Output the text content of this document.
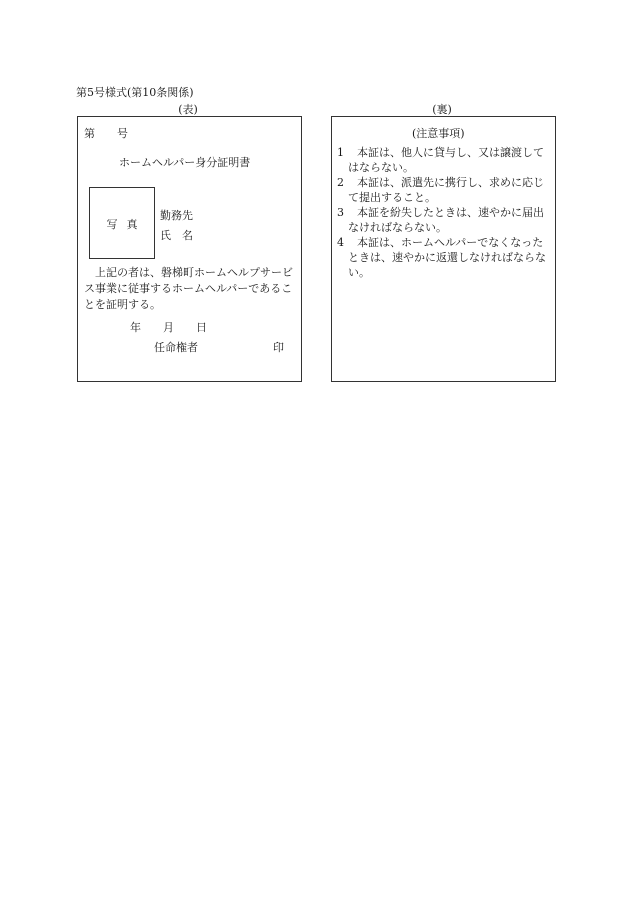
第5号様式(第10条関係)
(表)	(裏)
第　　号
ホームヘルパー身分証明書
写真
勤務先
氏　名
上記の者は、磐梯町ホームヘルプサービス事業に従事するホームヘルパーであることを証明する。
年　　月　　日
任命権者	印
(注意事項)

1 本証は、他人に貸与し、又は譲渡してはならない。

2 本証は、派遣先に携行し、求めに応じて提出すること。

3 本証を紛失したときは、速やかに届出なければならない。

4 本証は、ホームヘルパーでなくなったときは、速やかに返還しなければならない。
